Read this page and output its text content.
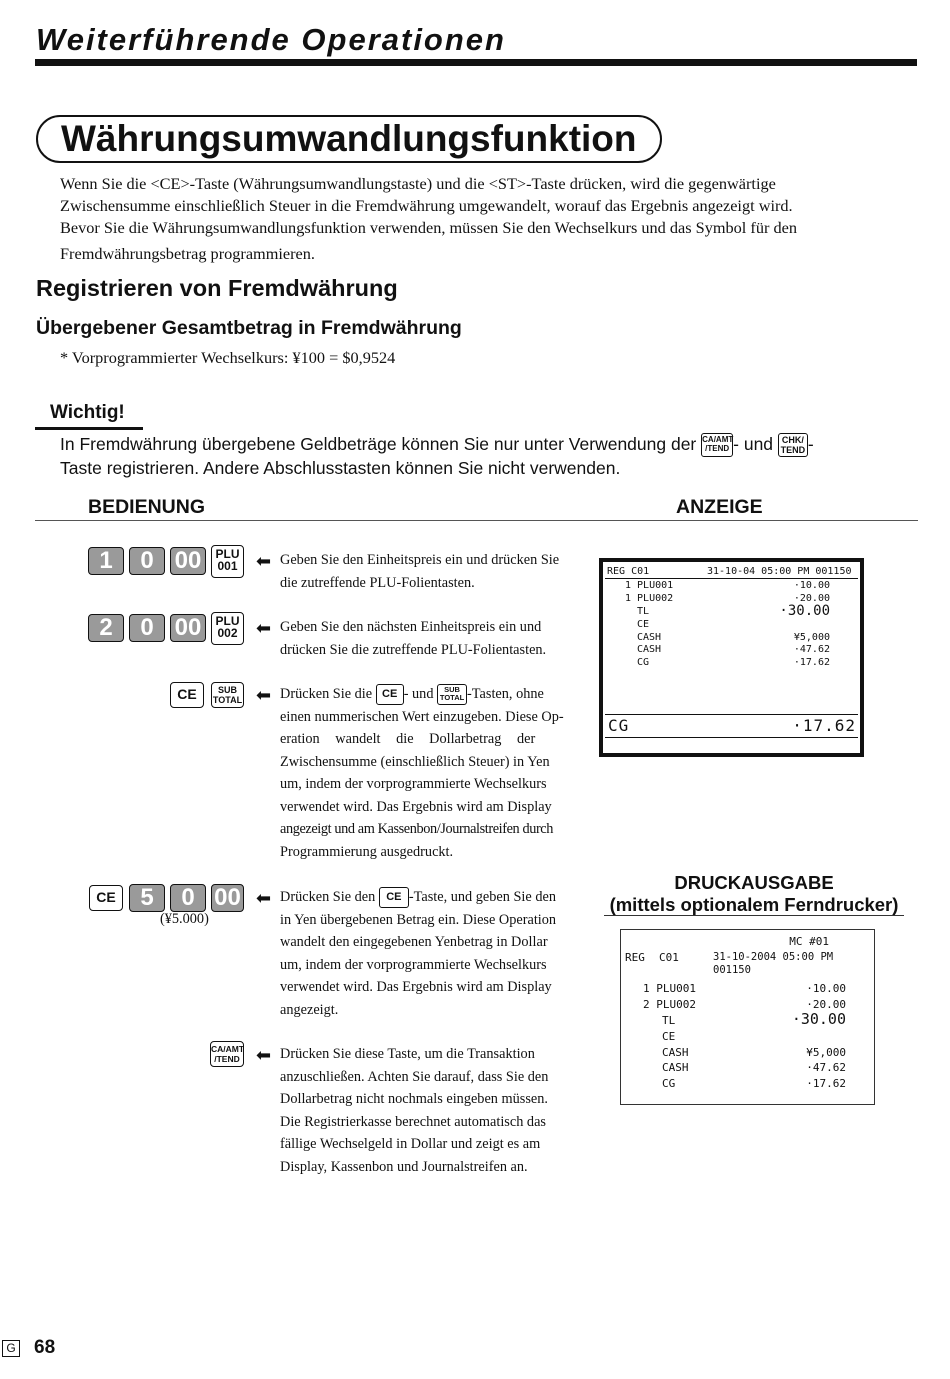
Weiterführende Operationen
Währungsumwandlungsfunktion
Wenn Sie die <CE>-Taste (Währungsumwandlungstaste) und die <ST>-Taste drücken, wird die gegenwärtige
Zwischensumme einschließlich Steuer in die Fremdwährung umgewandelt, worauf das Ergebnis angezeigt wird.
Bevor Sie die Währungsumwandlungsfunktion verwenden, müssen Sie den Wechselkurs und das Symbol für den
Fremdwährungsbetrag programmieren.
Registrieren von Fremdwährung
Übergebener Gesamtbetrag in Fremdwährung
* Vorprogrammierter Wechselkurs: ¥100 = $0,9524
Wichtig!
In Fremdwährung übergebene Geldbeträge können Sie nur unter Verwendung der CA/AMT
/TEND - und CHK/
TEND -
Taste registrieren. Andere Abschlusstasten können Sie nicht verwenden.
BEDIENUNG	ANZEIGE
1	0 00	PLU
001	⬅ Geben Sie den Einheitspreis ein und drücken Sie
die zutreffende PLU-Folientasten.
2	0 00	PLU
002	⬅ Geben Sie den nächsten Einheitspreis ein und
drücken Sie die zutreffende PLU-Folientasten.
CE	SUB
TOTAL ⬅ Drücken Sie die CE - und SUB
TOTAL -Tasten, ohne
einen nummerischen Wert einzugeben. Diese Op-
eration wandelt die Dollarbetrag der
Zwischensumme (einschließlich Steuer) in Yen
um, indem der vorprogrammierte Wechselkurs
verwendet wird. Das Ergebnis wird am Display
angezeigt und am Kassenbon/Journalstreifen durch
Programmierung ausgedruckt.
CE	5	0 00
(¥5.000)
⬅ Drücken Sie den CE -Taste, und geben Sie den
in Yen übergebenen Betrag ein. Diese Operation
wandelt den eingegebenen Yenbetrag in Dollar
um, indem der vorprogrammierte Wechselkurs
verwendet wird. Das Ergebnis wird am Display
angezeigt.
CA/AMT
/TEND ⬅ Drücken Sie diese Taste, um die Transaktion
anzuschließen. Achten Sie darauf, dass Sie den
Dollarbetrag nicht nochmals eingeben müssen.
Die Registrierkasse berechnet automatisch das
fällige Wechselgeld in Dollar und zeigt es am
Display, Kassenbon und Journalstreifen an.
REG C01	31-10-04 05:00 PM 001150
1 PLU001	·10.00
1 PLU002	·20.00
TL	·30.00
CE
CASH	¥5,000
CASH	·47.62
CG	·17.62
CG	·17.62
DRUCKAUSGABE
(mittels optionalem Ferndrucker)
MC #01
REG C01	31-10-2004 05:00 PM 001150
1 PLU001	·10.00
2 PLU002	·20.00
TL	·30.00
CE
CASH	¥5,000
CASH	·47.62
CG	·17.62
G 68
